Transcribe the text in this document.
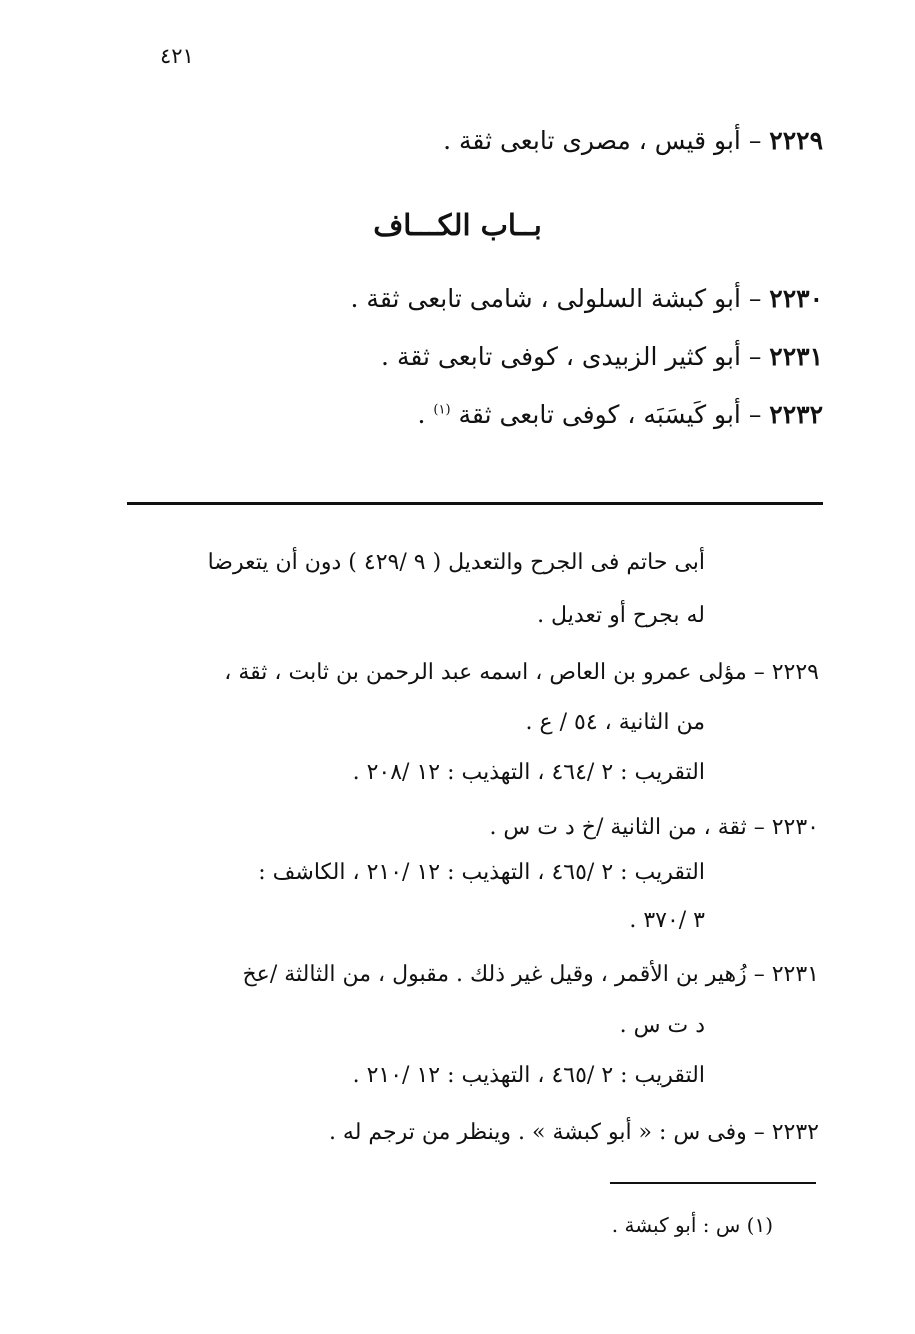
٤٢١
٢٢٢٩ – أبو قيس ، مصرى تابعى ثقة .
بــاب الكـــاف
٢٢٣٠ – أبو كبشة السلولى ، شامى تابعى ثقة .
٢٢٣١ – أبو كثير الزبيدى ، كوفى تابعى ثقة .
٢٢٣٢ – أبو كَيسَبَه ، كوفى تابعى ثقة $^{(١)}$ .
أبى حاتم فى الجرح والتعديل ( ٩ /٤٢٩ ) دون أن يتعرضا
له بجرح أو تعديل .
٢٢٢٩ – مؤلى عمرو بن العاص ، اسمه عبد الرحمن بن ثابت ، ثقة ،
من الثانية ، ٥٤ / ع .
التقريب : ٢ /٤٦٤ ، التهذيب : ١٢ /٢٠٨ .
٢٢٣٠ – ثقة ، من الثانية /خ د ت س .
التقريب : ٢ /٤٦٥ ، التهذيب : ١٢ /٢١٠ ، الكاشف :
٣ /٣٧٠ .
٢٢٣١ – زُهير بن الأقمر ، وقيل غير ذلك . مقبول ، من الثالثة /عخ
د ت س .
التقريب : ٢ /٤٦٥ ، التهذيب : ١٢ /٢١٠ .
٢٢٣٢ – وفى س : « أبو كبشة » . وينظر من ترجم له .
(١) س : أبو كبشة .
